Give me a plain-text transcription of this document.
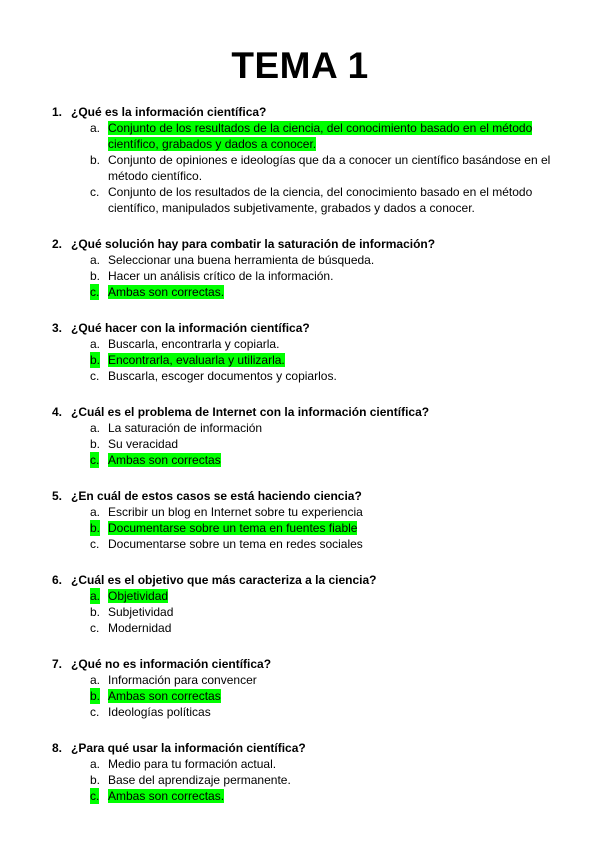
TEMA 1
1. ¿Qué es la información científica?
a. Conjunto de los resultados de la ciencia, del conocimiento basado en el método científico, grabados y dados a conocer.
b. Conjunto de opiniones e ideologías que da a conocer un científico basándose en el método científico.
c. Conjunto de los resultados de la ciencia, del conocimiento basado en el método científico, manipulados subjetivamente, grabados y dados a conocer.
2. ¿Qué solución hay para combatir la saturación de información?
a. Seleccionar una buena herramienta de búsqueda.
b. Hacer un análisis crítico de la información.
c. Ambas son correctas.
3. ¿Qué hacer con la información científica?
a. Buscarla, encontrarla y copiarla.
b. Encontrarla, evaluarla y utilizarla.
c. Buscarla, escoger documentos y copiarlos.
4. ¿Cuál es el problema de Internet con la información científica?
a. La saturación de información
b. Su veracidad
c. Ambas son correctas
5. ¿En cuál de estos casos se está haciendo ciencia?
a. Escribir un blog en Internet sobre tu experiencia
b. Documentarse sobre un tema en fuentes fiable
c. Documentarse sobre un tema en redes sociales
6. ¿Cuál es el objetivo que más caracteriza a la ciencia?
a. Objetividad
b. Subjetividad
c. Modernidad
7. ¿Qué no es información científica?
a. Información para convencer
b. Ambas son correctas
c. Ideologías políticas
8. ¿Para qué usar la información científica?
a. Medio para tu formación actual.
b. Base del aprendizaje permanente.
c. Ambas son correctas.
